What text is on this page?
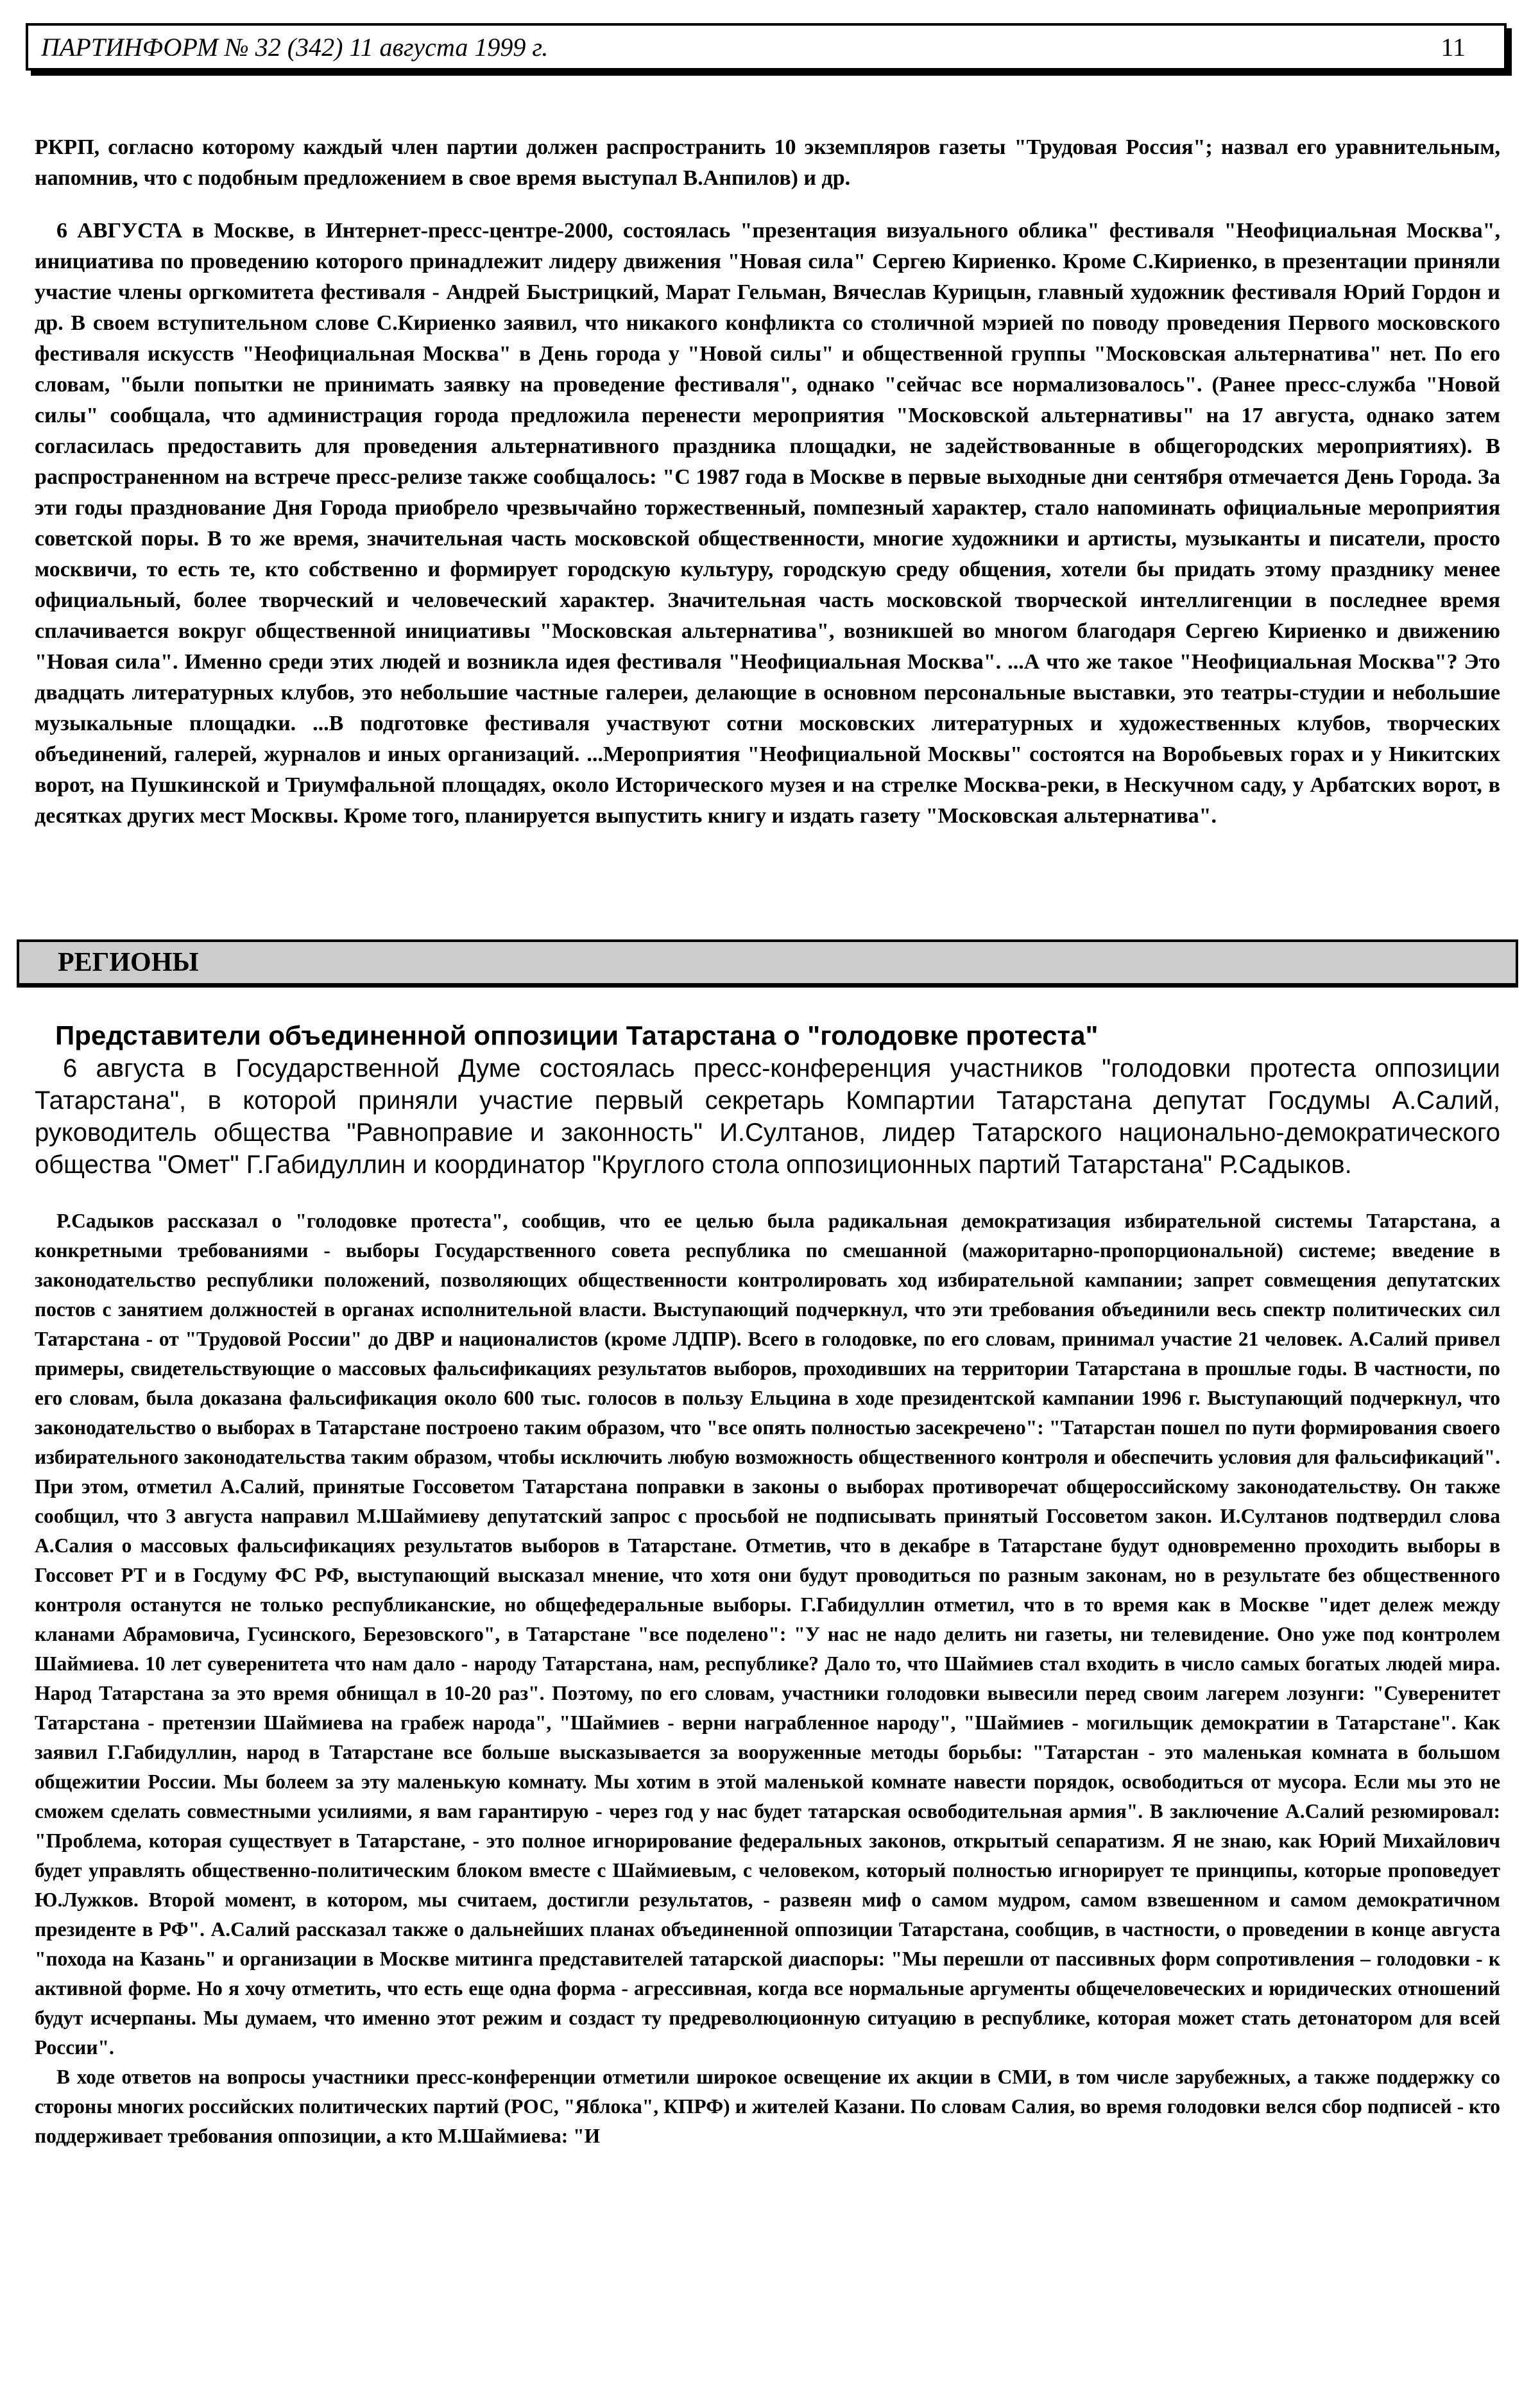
ПАРТИНФОРМ № 32 (342) 11 августа 1999 г.	11

РКРП, согласно которому каждый член партии должен распространить 10 экземпляров газеты "Трудовая Россия"; назвал его уравнительным, напомнив, что с подобным предложением в свое время выступал В.Анпилов) и др.

6 АВГУСТА в Москве, в Интернет-пресс-центре-2000, состоялась "презентация визуального облика" фестиваля "Неофициальная Москва", инициатива по проведению которого принадлежит лидеру движения "Новая сила" Сергею Кириенко. Кроме С.Кириенко, в презентации приняли участие члены оргкомитета фестиваля - Андрей Быстрицкий, Марат Гельман, Вячеслав Курицын, главный художник фестиваля Юрий Гордон и др. В своем вступительном слове С.Кириенко заявил, что никакого конфликта со столичной мэрией по поводу проведения Первого московского фестиваля искусств "Неофициальная Москва" в День города у "Новой силы" и общественной группы "Московская альтернатива" нет. По его словам, "были попытки не принимать заявку на проведение фестиваля", однако "сейчас все нормализовалось". (Ранее пресс-служба "Новой силы" сообщала, что администрация города предложила перенести мероприятия "Московской альтернативы" на 17 августа, однако затем согласилась предоставить для проведения альтернативного праздника площадки, не задействованные в общегородских мероприятиях). В распространенном на встрече пресс-релизе также сообщалось: "С 1987 года в Москве в первые выходные дни сентября отмечается День Города. За эти годы празднование Дня Города приобрело чрезвычайно торжественный, помпезный характер, стало напоминать официальные мероприятия советской поры. В то же время, значительная часть московской общественности, многие художники и артисты, музыканты и писатели, просто москвичи, то есть те, кто собственно и формирует городскую культуру, городскую среду общения, хотели бы придать этому празднику менее официальный, более творческий и человеческий характер. Значительная часть московской творческой интеллигенции в последнее время сплачивается вокруг общественной инициативы "Московская альтернатива", возникшей во многом благодаря Сергею Кириенко и движению "Новая сила". Именно среди этих людей и возникла идея фестиваля "Неофициальная Москва". ...А что же такое "Неофициальная Москва"? Это двадцать литературных клубов, это небольшие частные галереи, делающие в основном персональные выставки, это театры-студии и небольшие музыкальные площадки. ...В подготовке фестиваля участвуют сотни московских литературных и художественных клубов, творческих объединений, галерей, журналов и иных организаций. ...Мероприятия "Неофициальной Москвы" состоятся на Воробьевых горах и у Никитских ворот, на Пушкинской и Триумфальной площадях, около Исторического музея и на стрелке Москва-реки, в Нескучном саду, у Арбатских ворот, в десятках других мест Москвы. Кроме того, планируется выпустить книгу и издать газету "Московская альтернатива".

РЕГИОНЫ
Представители объединенной оппозиции Татарстана о "голодовке протеста"

6 августа в Государственной Думе состоялась пресс-конференция участников "голодовки протеста оппозиции Татарстана", в которой приняли участие первый секретарь Компартии Татарстана депутат Госдумы А.Салий, руководитель общества "Равноправие и законность" И.Султанов, лидер Татарского национально-демократического общества "Омет" Г.Габидуллин и координатор "Круглого стола оппозиционных партий Татарстана" Р.Садыков.

Р.Садыков рассказал о "голодовке протеста", сообщив, что ее целью была радикальная демократизация избирательной системы Татарстана, а конкретными требованиями - выборы Государственного совета республика по смешанной (мажоритарно-пропорциональной) системе; введение в законодательство республики положений, позволяющих общественности контролировать ход избирательной кампании; запрет совмещения депутатских постов с занятием должностей в органах исполнительной власти. Выступающий подчеркнул, что эти требования объединили весь спектр политических сил Татарстана - от "Трудовой России" до ДВР и националистов (кроме ЛДПР). Всего в голодовке, по его словам, принимал участие 21 человек. А.Салий привел примеры, свидетельствующие о массовых фальсификациях результатов выборов, проходивших на территории Татарстана в прошлые годы. В частности, по его словам, была доказана фальсификация около 600 тыс. голосов в пользу Ельцина в ходе президентской кампании 1996 г. Выступающий подчеркнул, что законодательство о выборах в Татарстане построено таким образом, что "все опять полностью засекречено": "Татарстан пошел по пути формирования своего избирательного законодательства таким образом, чтобы исключить любую возможность общественного контроля и обеспечить условия для фальсификаций". При этом, отметил А.Салий, принятые Госсоветом Татарстана поправки в законы о выборах противоречат общероссийскому законодательству. Он также сообщил, что 3 августа направил М.Шаймиеву депутатский запрос с просьбой не подписывать принятый Госсоветом закон. И.Султанов подтвердил слова А.Салия о массовых фальсификациях результатов выборов в Татарстане. Отметив, что в декабре в Татарстане будут одновременно проходить выборы в Госсовет РТ и в Госдуму ФС РФ, выступающий высказал мнение, что хотя они будут проводиться по разным законам, но в результате без общественного контроля останутся не только республиканские, но общефедеральные выборы. Г.Габидуллин отметил, что в то время как в Москве "идет дележ между кланами Абрамовича, Гусинского, Березовского", в Татарстане "все поделено": "У нас не надо делить ни газеты, ни телевидение. Оно уже под контролем Шаймиева. 10 лет суверенитета что нам дало - народу Татарстана, нам, республике? Дало то, что Шаймиев стал входить в число самых богатых людей мира. Народ Татарстана за это время обнищал в 10-20 раз". Поэтому, по его словам, участники голодовки вывесили перед своим лагерем лозунги: "Суверенитет Татарстана - претензии Шаймиева на грабеж народа", "Шаймиев - верни награбленное народу", "Шаймиев - могильщик демократии в Татарстане". Как заявил Г.Габидуллин, народ в Татарстане все больше высказывается за вооруженные методы борьбы: "Татарстан - это маленькая комната в большом общежитии России. Мы болеем за эту маленькую комнату. Мы хотим в этой маленькой комнате навести порядок, освободиться от мусора. Если мы это не сможем сделать совместными усилиями, я вам гарантирую - через год у нас будет татарская освободительная армия". В заключение А.Салий резюмировал: "Проблема, которая существует в Татарстане, - это полное игнорирование федеральных законов, открытый сепаратизм. Я не знаю, как Юрий Михайлович будет управлять общественно-политическим блоком вместе с Шаймиевым, с человеком, который полностью игнорирует те принципы, которые проповедует Ю.Лужков. Второй момент, в котором, мы считаем, достигли результатов, - развеян миф о самом мудром, самом взвешенном и самом демократичном президенте в РФ". А.Салий рассказал также о дальнейших планах объединенной оппозиции Татарстана, сообщив, в частности, о проведении в конце августа "похода на Казань" и организации в Москве митинга представителей татарской диаспоры: "Мы перешли от пассивных форм сопротивления – голодовки - к активной форме. Но я хочу отметить, что есть еще одна форма - агрессивная, когда все нормальные аргументы общечеловеческих и юридических отношений будут исчерпаны. Мы думаем, что именно этот режим и создаст ту предреволюционную ситуацию в республике, которая может стать детонатором для всей России".

В ходе ответов на вопросы участники пресс-конференции отметили широкое освещение их акции в СМИ, в том числе зарубежных, а также поддержку со стороны многих российских политических партий (РОС, "Яблока", КПРФ) и жителей Казани. По словам Салия, во время голодовки велся сбор подписей - кто поддерживает требования оппозиции, а кто М.Шаймиева: "И
